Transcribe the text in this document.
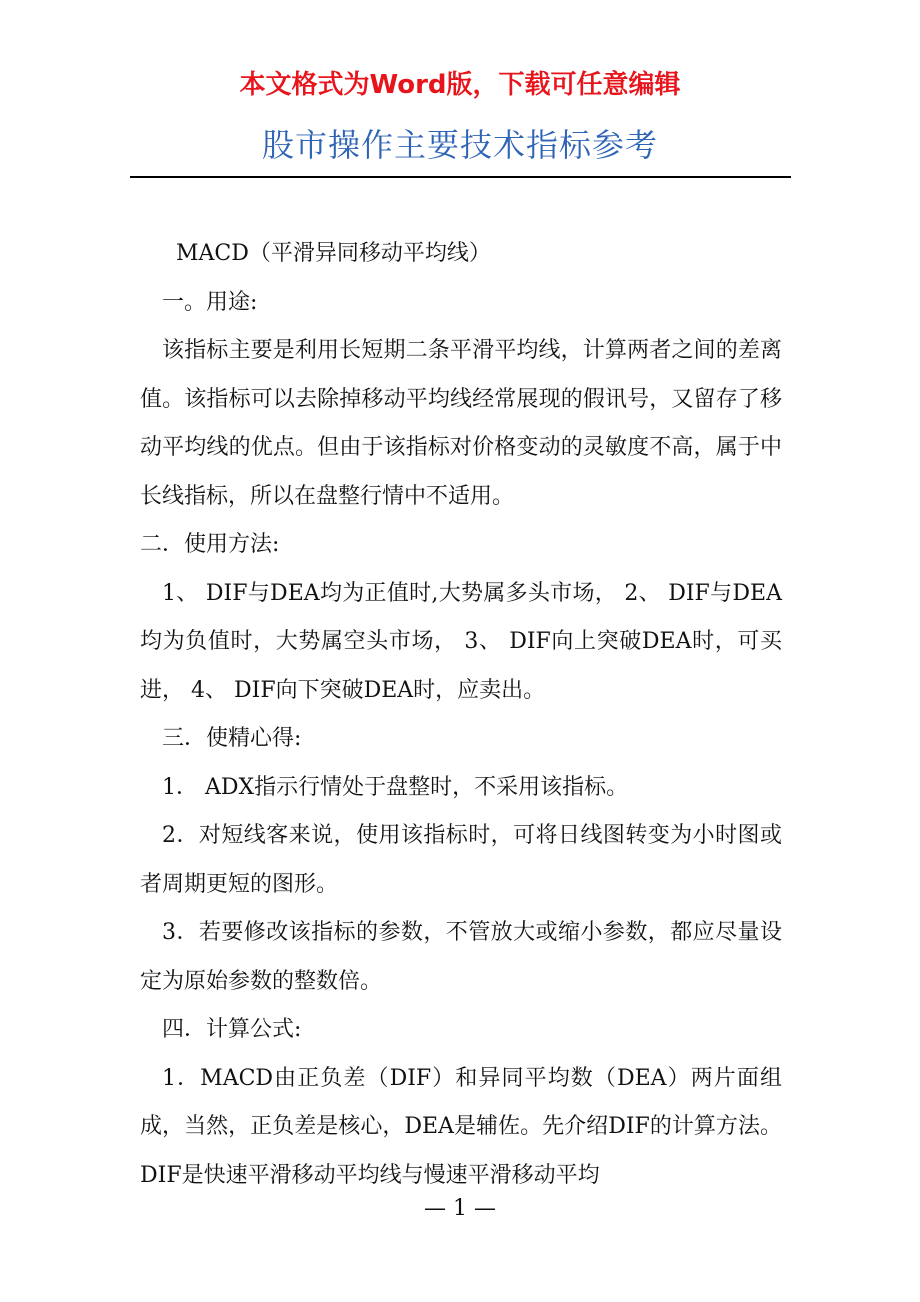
本文格式为Word版，下载可任意编辑
股市操作主要技术指标参考

MACD（平滑异同移动平均线）

一。用途:

该指标主要是利用长短期二条平滑平均线，计算两者之间的差离值。该指标可以去除掉移动平均线经常展现的假讯号，又留存了移动平均线的优点。但由于该指标对价格变动的灵敏度不高，属于中长线指标，所以在盘整行情中不适用。

二．使用方法:

1、 DIF与DEA均为正值时,大势属多头市场， 2、 DIF与DEA均为负值时，大势属空头市场， 3、 DIF向上突破DEA时，可买进， 4、 DIF向下突破DEA时，应卖出。

三．使精心得:

1． ADX指示行情处于盘整时，不采用该指标。

2．对短线客来说，使用该指标时，可将日线图转变为小时图或者周期更短的图形。

3．若要修改该指标的参数，不管放大或缩小参数，都应尽量设定为原始参数的整数倍。

四．计算公式:

1．MACD由正负差（DIF）和异同平均数（DEA）两片面组成，当然，正负差是核心，DEA是辅佐。先介绍DIF的计算方法。DIF是快速平滑移动平均线与慢速平滑移动平均

— 1 —
